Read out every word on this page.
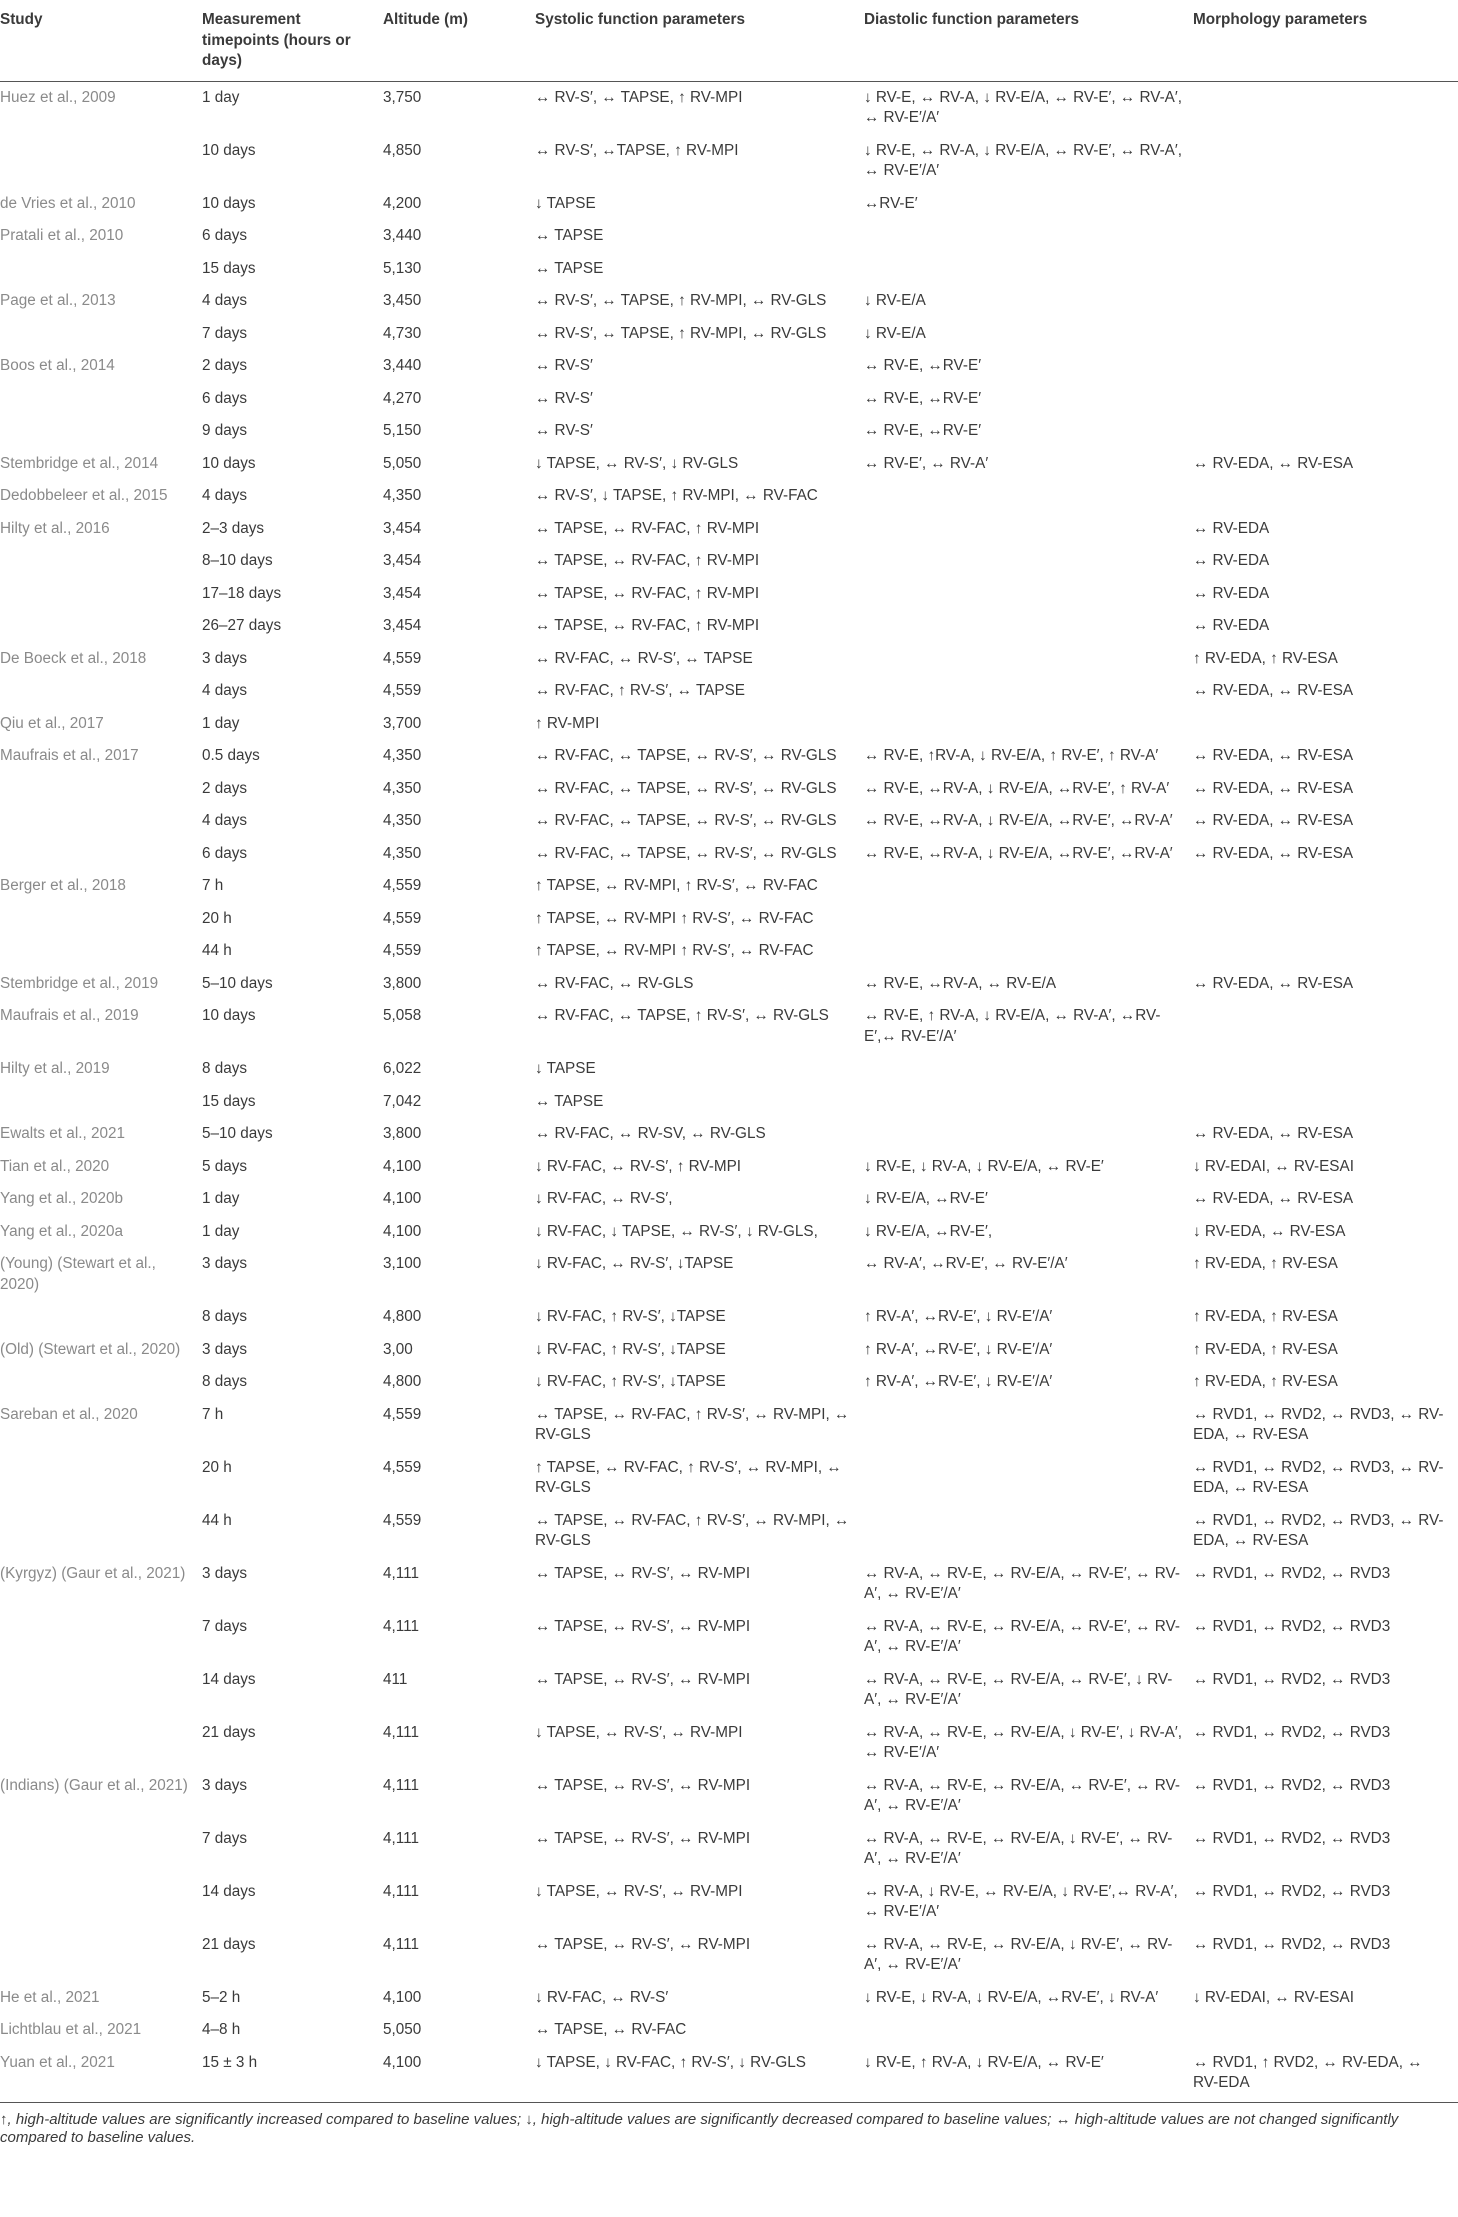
Study	Measurement timepoints (hours or days)	Altitude (m)	Systolic function parameters	Diastolic function parameters	Morphology parameters
Huez et al., 2009	1 day	3,750	↔ RV-S′, ↔ TAPSE, ↑ RV-MPI	↓ RV-E, ↔ RV-A, ↓ RV-E/A, ↔ RV-E′, ↔ RV-A′, ↔ RV-E′/A′	
	10 days	4,850	↔ RV-S′, ↔TAPSE, ↑ RV-MPI	↓ RV-E, ↔ RV-A, ↓ RV-E/A, ↔ RV-E′, ↔ RV-A′, ↔ RV-E′/A′	
de Vries et al., 2010	10 days	4,200	↓ TAPSE	↔RV-E′	
Pratali et al., 2010	6 days	3,440	↔ TAPSE		
	15 days	5,130	↔ TAPSE		
Page et al., 2013	4 days	3,450	↔ RV-S′, ↔ TAPSE, ↑ RV-MPI, ↔ RV-GLS	↓ RV-E/A	
	7 days	4,730	↔ RV-S′, ↔ TAPSE, ↑ RV-MPI, ↔ RV-GLS	↓ RV-E/A	
Boos et al., 2014	2 days	3,440	↔ RV-S′	↔ RV-E, ↔RV-E′	
	6 days	4,270	↔ RV-S′	↔ RV-E, ↔RV-E′	
	9 days	5,150	↔ RV-S′	↔ RV-E, ↔RV-E′	
Stembridge et al., 2014	10 days	5,050	↓ TAPSE, ↔ RV-S′, ↓ RV-GLS	↔ RV-E′, ↔ RV-A′	↔ RV-EDA, ↔ RV-ESA
Dedobbeleer et al., 2015	4 days	4,350	↔ RV-S′, ↓ TAPSE, ↑ RV-MPI, ↔ RV-FAC		
Hilty et al., 2016	2–3 days	3,454	↔ TAPSE, ↔ RV-FAC, ↑ RV-MPI		↔ RV-EDA
	8–10 days	3,454	↔ TAPSE, ↔ RV-FAC, ↑ RV-MPI		↔ RV-EDA
	17–18 days	3,454	↔ TAPSE, ↔ RV-FAC, ↑ RV-MPI		↔ RV-EDA
	26–27 days	3,454	↔ TAPSE, ↔ RV-FAC, ↑ RV-MPI		↔ RV-EDA
De Boeck et al., 2018	3 days	4,559	↔ RV-FAC, ↔ RV-S′, ↔ TAPSE		↑ RV-EDA, ↑ RV-ESA
	4 days	4,559	↔ RV-FAC, ↑ RV-S′, ↔ TAPSE		↔ RV-EDA, ↔ RV-ESA
Qiu et al., 2017	1 day	3,700	↑ RV-MPI		
Maufrais et al., 2017	0.5 days	4,350	↔ RV-FAC, ↔ TAPSE, ↔ RV-S′, ↔ RV-GLS	↔ RV-E, ↑RV-A, ↓ RV-E/A, ↑ RV-E′, ↑ RV-A′	↔ RV-EDA, ↔ RV-ESA
	2 days	4,350	↔ RV-FAC, ↔ TAPSE, ↔ RV-S′, ↔ RV-GLS	↔ RV-E, ↔RV-A, ↓ RV-E/A, ↔RV-E′, ↑ RV-A′	↔ RV-EDA, ↔ RV-ESA
	4 days	4,350	↔ RV-FAC, ↔ TAPSE, ↔ RV-S′, ↔ RV-GLS	↔ RV-E, ↔RV-A, ↓ RV-E/A, ↔RV-E′, ↔RV-A′	↔ RV-EDA, ↔ RV-ESA
	6 days	4,350	↔ RV-FAC, ↔ TAPSE, ↔ RV-S′, ↔ RV-GLS	↔ RV-E, ↔RV-A, ↓ RV-E/A, ↔RV-E′, ↔RV-A′	↔ RV-EDA, ↔ RV-ESA
Berger et al., 2018	7 h	4,559	↑ TAPSE, ↔ RV-MPI, ↑ RV-S′, ↔ RV-FAC		
	20 h	4,559	↑ TAPSE, ↔ RV-MPI ↑ RV-S′, ↔ RV-FAC		
	44 h	4,559	↑ TAPSE, ↔ RV-MPI ↑ RV-S′, ↔ RV-FAC		
Stembridge et al., 2019	5–10 days	3,800	↔ RV-FAC, ↔ RV-GLS	↔ RV-E, ↔RV-A, ↔ RV-E/A	↔ RV-EDA, ↔ RV-ESA
Maufrais et al., 2019	10 days	5,058	↔ RV-FAC, ↔ TAPSE, ↑ RV-S′, ↔ RV-GLS	↔ RV-E, ↑ RV-A, ↓ RV-E/A, ↔ RV-A′, ↔RV-E′,↔ RV-E′/A′	
Hilty et al., 2019	8 days	6,022	↓ TAPSE		
	15 days	7,042	↔ TAPSE		
Ewalts et al., 2021	5–10 days	3,800	↔ RV-FAC, ↔ RV-SV, ↔ RV-GLS		↔ RV-EDA, ↔ RV-ESA
Tian et al., 2020	5 days	4,100	↓ RV-FAC, ↔ RV-S′, ↑ RV-MPI	↓ RV-E, ↓ RV-A, ↓ RV-E/A, ↔ RV-E′	↓ RV-EDAI, ↔ RV-ESAI
Yang et al., 2020b	1 day	4,100	↓ RV-FAC, ↔ RV-S′,	↓ RV-E/A, ↔RV-E′	↔ RV-EDA, ↔ RV-ESA
Yang et al., 2020a	1 day	4,100	↓ RV-FAC, ↓ TAPSE, ↔ RV-S′, ↓ RV-GLS,	↓ RV-E/A, ↔RV-E′,	↓ RV-EDA, ↔ RV-ESA
(Young) (Stewart et al., 2020)	3 days	3,100	↓ RV-FAC, ↔ RV-S′, ↓TAPSE	↔ RV-A′, ↔RV-E′, ↔ RV-E′/A′	↑ RV-EDA, ↑ RV-ESA
	8 days	4,800	↓ RV-FAC, ↑ RV-S′, ↓TAPSE	↑ RV-A′, ↔RV-E′, ↓ RV-E′/A′	↑ RV-EDA, ↑ RV-ESA
(Old) (Stewart et al., 2020)	3 days	3,00	↓ RV-FAC, ↑ RV-S′, ↓TAPSE	↑ RV-A′, ↔RV-E′, ↓ RV-E′/A′	↑ RV-EDA, ↑ RV-ESA
	8 days	4,800	↓ RV-FAC, ↑ RV-S′, ↓TAPSE	↑ RV-A′, ↔RV-E′, ↓ RV-E′/A′	↑ RV-EDA, ↑ RV-ESA
Sareban et al., 2020	7 h	4,559	↔ TAPSE, ↔ RV-FAC, ↑ RV-S′, ↔ RV-MPI, ↔ RV-GLS		↔ RVD1, ↔ RVD2, ↔ RVD3, ↔ RV-EDA, ↔ RV-ESA
	20 h	4,559	↑ TAPSE, ↔ RV-FAC, ↑ RV-S′, ↔ RV-MPI, ↔ RV-GLS		↔ RVD1, ↔ RVD2, ↔ RVD3, ↔ RV-EDA, ↔ RV-ESA
	44 h	4,559	↔ TAPSE, ↔ RV-FAC, ↑ RV-S′, ↔ RV-MPI, ↔ RV-GLS		↔ RVD1, ↔ RVD2, ↔ RVD3, ↔ RV-EDA, ↔ RV-ESA
(Kyrgyz) (Gaur et al., 2021)	3 days	4,111	↔ TAPSE, ↔ RV-S′, ↔ RV-MPI	↔ RV-A, ↔ RV-E, ↔ RV-E/A, ↔ RV-E′, ↔ RV-A′, ↔ RV-E′/A′	↔ RVD1, ↔ RVD2, ↔ RVD3
	7 days	4,111	↔ TAPSE, ↔ RV-S′, ↔ RV-MPI	↔ RV-A, ↔ RV-E, ↔ RV-E/A, ↔ RV-E′, ↔ RV-A′, ↔ RV-E′/A′	↔ RVD1, ↔ RVD2, ↔ RVD3
	14 days	411	↔ TAPSE, ↔ RV-S′, ↔ RV-MPI	↔ RV-A, ↔ RV-E, ↔ RV-E/A, ↔ RV-E′, ↓ RV-A′, ↔ RV-E′/A′	↔ RVD1, ↔ RVD2, ↔ RVD3
	21 days	4,111	↓ TAPSE, ↔ RV-S′, ↔ RV-MPI	↔ RV-A, ↔ RV-E, ↔ RV-E/A, ↓ RV-E′, ↓ RV-A′, ↔ RV-E′/A′	↔ RVD1, ↔ RVD2, ↔ RVD3
(Indians) (Gaur et al., 2021)	3 days	4,111	↔ TAPSE, ↔ RV-S′, ↔ RV-MPI	↔ RV-A, ↔ RV-E, ↔ RV-E/A, ↔ RV-E′, ↔ RV-A′, ↔ RV-E′/A′	↔ RVD1, ↔ RVD2, ↔ RVD3
	7 days	4,111	↔ TAPSE, ↔ RV-S′, ↔ RV-MPI	↔ RV-A, ↔ RV-E, ↔ RV-E/A, ↓ RV-E′, ↔ RV-A′, ↔ RV-E′/A′	↔ RVD1, ↔ RVD2, ↔ RVD3
	14 days	4,111	↓ TAPSE, ↔ RV-S′, ↔ RV-MPI	↔ RV-A, ↓ RV-E, ↔ RV-E/A, ↓ RV-E′,↔ RV-A′, ↔ RV-E′/A′	↔ RVD1, ↔ RVD2, ↔ RVD3
	21 days	4,111	↔ TAPSE, ↔ RV-S′, ↔ RV-MPI	↔ RV-A, ↔ RV-E, ↔ RV-E/A, ↓ RV-E′, ↔ RV-A′, ↔ RV-E′/A′	↔ RVD1, ↔ RVD2, ↔ RVD3
He et al., 2021	5–2 h	4,100	↓ RV-FAC, ↔ RV-S′	↓ RV-E, ↓ RV-A, ↓ RV-E/A, ↔RV-E′, ↓ RV-A′	↓ RV-EDAI, ↔ RV-ESAI
Lichtblau et al., 2021	4–8 h	5,050	↔ TAPSE, ↔ RV-FAC		
Yuan et al., 2021	15 ± 3 h	4,100	↓ TAPSE, ↓ RV-FAC, ↑ RV-S′, ↓ RV-GLS	↓ RV-E, ↑ RV-A, ↓ RV-E/A, ↔ RV-E′	↔ RVD1, ↑ RVD2, ↔ RV-EDA, ↔ RV-EDA
↑, high-altitude values are significantly increased compared to baseline values; ↓, high-altitude values are significantly decreased compared to baseline values; ↔ high-altitude values are not changed significantly compared to baseline values.
